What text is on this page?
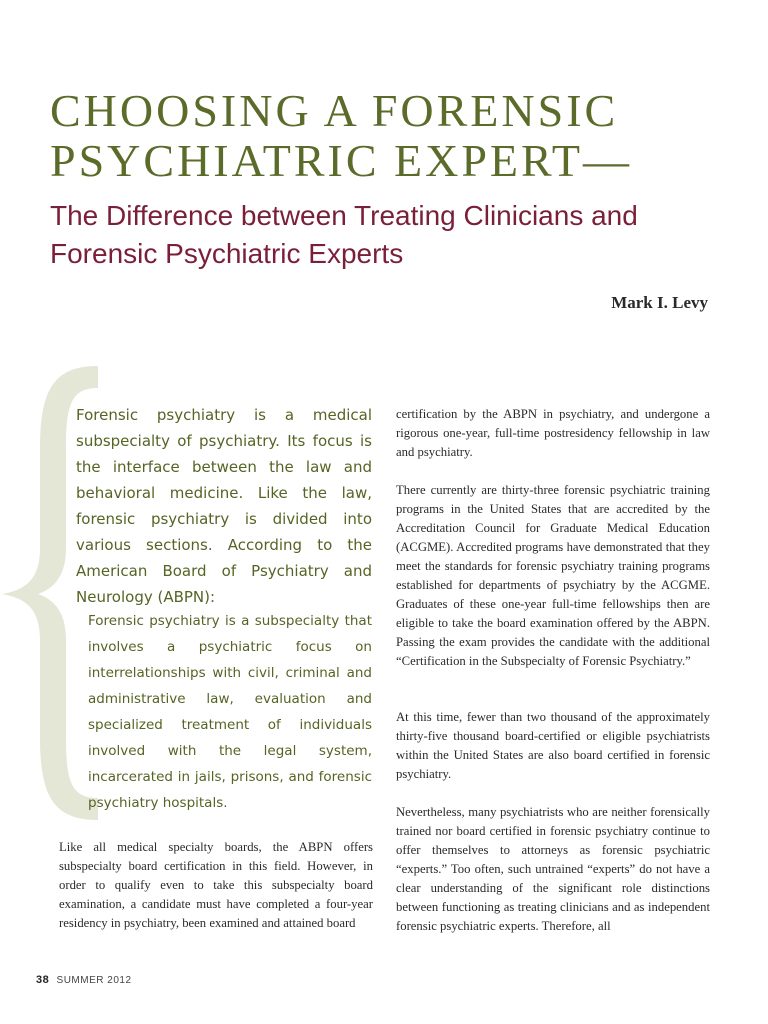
CHOOSING A FORENSIC PSYCHIATRIC EXPERT—
The Difference between Treating Clinicians and Forensic Psychiatric Experts
Mark I. Levy

Forensic psychiatry is a medical subspecialty of psychiatry. Its focus is the interface between the law and behavioral medicine. Like the law, forensic psychiatry is divided into various sections. According to the American Board of Psychiatry and Neurology (ABPN):

Forensic psychiatry is a subspecialty that involves a psychiatric focus on interrelationships with civil, criminal and administrative law, evaluation and specialized treatment of individuals involved with the legal system, incarcerated in jails, prisons, and forensic psychiatry hospitals.

Like all medical specialty boards, the ABPN offers subspecialty board certification in this field. However, in order to qualify even to take this subspecialty board examination, a candidate must have completed a four-year residency in psychiatry, been examined and attained board

certification by the ABPN in psychiatry, and undergone a rigorous one-year, full-time postresidency fellowship in law and psychiatry.

There currently are thirty-three forensic psychiatric training programs in the United States that are accredited by the Accreditation Council for Graduate Medical Education (ACGME). Accredited programs have demonstrated that they meet the standards for forensic psychiatry training programs established for departments of psychiatry by the ACGME. Graduates of these one-year full-time fellowships then are eligible to take the board examination offered by the ABPN. Passing the exam provides the candidate with the additional “Certification in the Subspecialty of Forensic Psychiatry.”

At this time, fewer than two thousand of the approximately thirty-five thousand board-certified or eligible psychiatrists within the United States are also board certified in forensic psychiatry.

Nevertheless, many psychiatrists who are neither forensically trained nor board certified in forensic psychiatry continue to offer themselves to attorneys as forensic psychiatric “experts.” Too often, such untrained “experts” do not have a clear understanding of the significant role distinctions between functioning as treating clinicians and as independent forensic psychiatric experts. Therefore, all

38 SUMMER 2012
